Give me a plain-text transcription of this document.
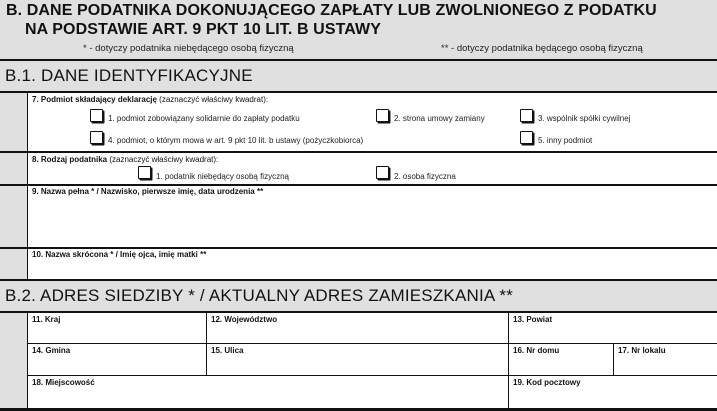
B. DANE PODATNIKA DOKONUJĄCEGO ZAPŁATY LUB ZWOLNIONEGO Z PODATKU
NA PODSTAWIE ART. 9 PKT 10 LIT. B USTAWY
* - dotyczy podatnika niebędącego osobą fizyczną	** - dotyczy podatnika będącego osobą fizyczną
B.1. DANE IDENTYFIKACYJNE
7. Podmiot składający deklarację (zaznaczyć właściwy kwadrat):
1. podmiot zobowiązany solidarnie do zapłaty podatku	2. strona umowy zamiany	3. wspólnik spółki cywilnej
4. podmiot, o którym mowa w art. 9 pkt 10 lit. b ustawy (pożyczkobiorca)	5. inny podmiot
8. Rodzaj podatnika (zaznaczyć właściwy kwadrat):
1. podatnik niebędący osobą fizyczną	2. osoba fizyczna
9. Nazwa pełna * / Nazwisko, pierwsze imię, data urodzenia **
10. Nazwa skrócona * / Imię ojca, imię matki **
B.2. ADRES SIEDZIBY * / AKTUALNY ADRES ZAMIESZKANIA **
11. Kraj	12. Województwo	13. Powiat
14. Gmina	15. Ulica	16. Nr domu	17. Nr lokalu
18. Miejscowość	19. Kod pocztowy
